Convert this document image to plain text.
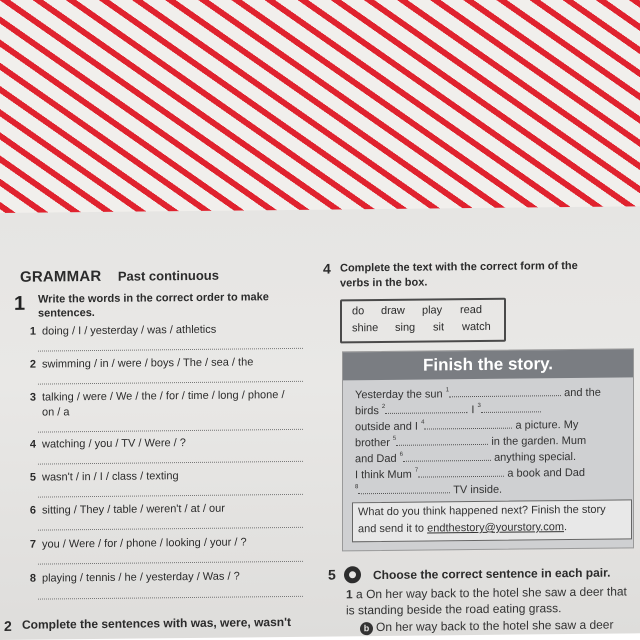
GRAMMAR Past continuous
1 Write the words in the correct order to make sentences.
1 doing / I / yesterday / was / athletics
2 swimming / in / were / boys / The / sea / the
3 talking / were / We / the / for / time / long / phone / on / a
4 watching / you / TV / Were / ?
5 wasn't / in / I / class / texting
6 sitting / They / table / weren't / at / our
7 you / Were / for / phone / looking / your / ?
8 playing / tennis / he / yesterday / Was / ?
2 Complete the sentences with was, were, wasn't
4 Complete the text with the correct form of the verbs in the box.
do draw play read
shine sing sit watch
Finish the story.
Yesterday the sun $^1$	and the
birds $^2$	. I $^3$
outside and I $^4$	a picture. My
brother $^5$	in the garden. Mum
and Dad $^6$	anything special.
I think Mum $^7$	a book and Dad
$^8$	TV inside.
What do you think happened next? Finish the story and send it to endthestory@yourstory.com.
5	Choose the correct sentence in each pair.
1 a On her way back to the hotel she saw a deer that is standing beside the road eating grass.
b On her way back to the hotel she saw a deer
